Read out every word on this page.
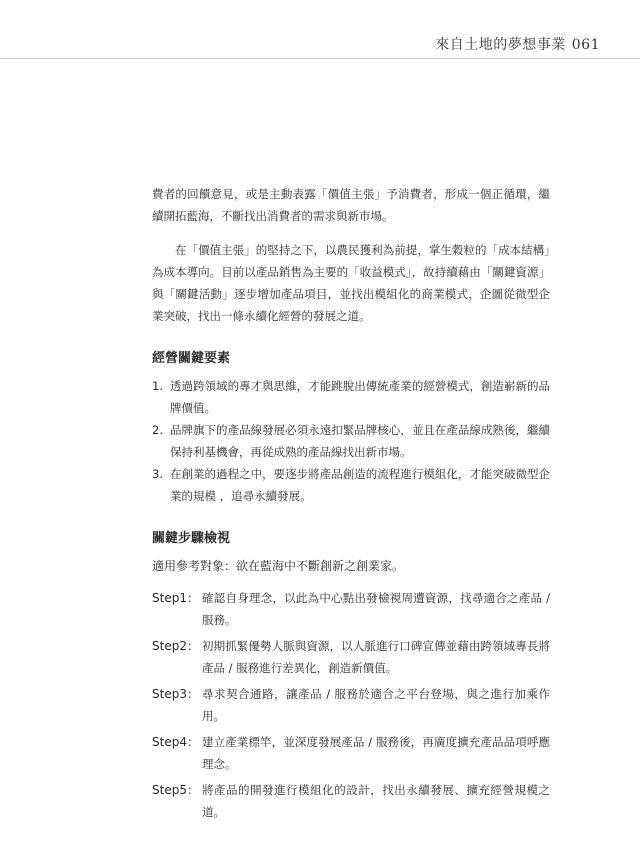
來自土地的夢想事業 061

費者的回饋意見，或是主動表露「價值主張」予消費者，形成一個正循環，繼續開拓藍海，不斷找出消費者的需求與新市場。

在「價值主張」的堅持之下，以農民獲利為前提，掌生穀粒的「成本結構」為成本導向。目前以產品銷售為主要的「收益模式」，故持續藉由「關鍵資源」與「關鍵活動」逐步增加產品項目，並找出模組化的商業模式，企圖從微型企業突破，找出一條永續化經營的發展之道。

經營關鍵要素
1. 透過跨領域的專才與思維，才能跳脫出傳統產業的經營模式，創造嶄新的品牌價值。
2. 品牌旗下的產品線發展必須永遠扣緊品牌核心，並且在產品線成熟後，繼續保持利基機會，再從成熟的產品線找出新市場。
3. 在創業的過程之中，要逐步將產品創造的流程進行模組化，才能突破微型企業的規模 ，追尋永續發展。
關鍵步驟檢視
適用參考對象：欲在藍海中不斷創新之創業家。
Step1： 確認自身理念，以此為中心點出發檢視周遭資源，找尋適合之產品 / 服務。
Step2： 初期抓緊優勢人脈與資源，以人脈進行口碑宣傳並藉由跨領域專長將產品 / 服務進行差異化，創造新價值。
Step3： 尋求契合通路，讓產品 / 服務於適合之平台登場，與之進行加乘作用。
Step4： 建立產業標竿，並深度發展產品 / 服務後，再廣度擴充產品品項呼應理念。
Step5： 將產品的開發進行模組化的設計，找出永續發展、擴充經營規模之道。
